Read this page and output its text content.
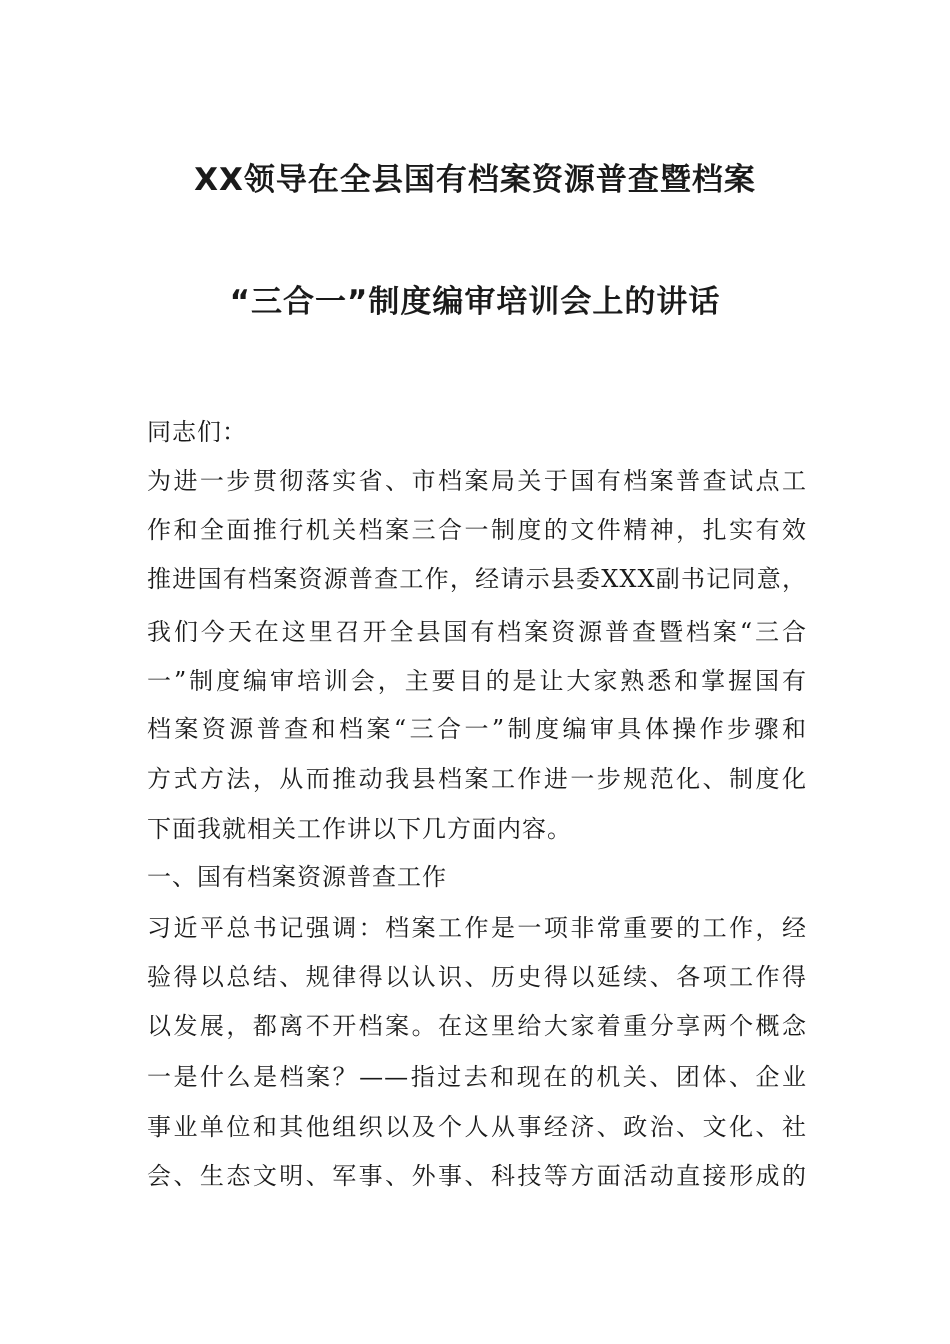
XX领导在全县国有档案资源普查暨档案
“三合一”制度编审培训会上的讲话
同志们：
为进一步贯彻落实省、市档案局关于国有档案普查试点工
作和全面推行机关档案三合一制度的文件精神，扎实有效
推进国有档案资源普查工作，经请示县委XXX副书记同意，
我们今天在这里召开全县国有档案资源普查暨档案“三合
一”制度编审培训会，主要目的是让大家熟悉和掌握国有
档案资源普查和档案“三合一”制度编审具体操作步骤和
方式方法，从而推动我县档案工作进一步规范化、制度化
下面我就相关工作讲以下几方面内容。
一、国有档案资源普查工作
习近平总书记强调：档案工作是一项非常重要的工作，经
验得以总结、规律得以认识、历史得以延续、各项工作得
以发展，都离不开档案。在这里给大家着重分享两个概念
一是什么是档案？——指过去和现在的机关、团体、企业
事业单位和其他组织以及个人从事经济、政治、文化、社
会、生态文明、军事、外事、科技等方面活动直接形成的
